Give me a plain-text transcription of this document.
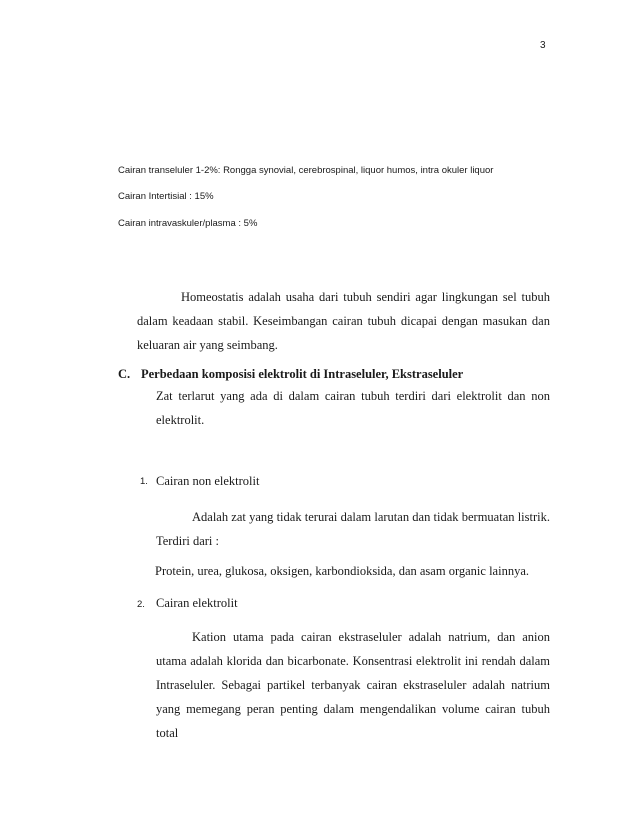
3
Cairan transeluler 1-2%: Rongga synovial, cerebrospinal, liquor humos, intra okuler liquor
Cairan Intertisial : 15%
Cairan intravaskuler/plasma : 5%
Homeostatis adalah usaha dari tubuh sendiri agar lingkungan sel tubuh dalam keadaan stabil. Keseimbangan cairan tubuh dicapai dengan masukan dan keluaran air yang seimbang.
C. Perbedaan komposisi elektrolit di Intraseluler, Ekstraseluler
Zat terlarut yang ada di dalam cairan tubuh terdiri dari elektrolit dan non elektrolit.
1. Cairan non elektrolit
Adalah zat yang tidak terurai dalam larutan dan tidak bermuatan listrik. Terdiri dari :
Protein, urea, glukosa, oksigen, karbondioksida, dan asam organic lainnya.
2. Cairan elektrolit
Kation utama pada cairan ekstraseluler adalah natrium, dan anion utama adalah klorida dan bicarbonate. Konsentrasi elektrolit ini rendah dalam Intraseluler. Sebagai partikel terbanyak cairan ekstraseluler adalah natrium yang memegang peran penting dalam mengendalikan volume cairan tubuh total
